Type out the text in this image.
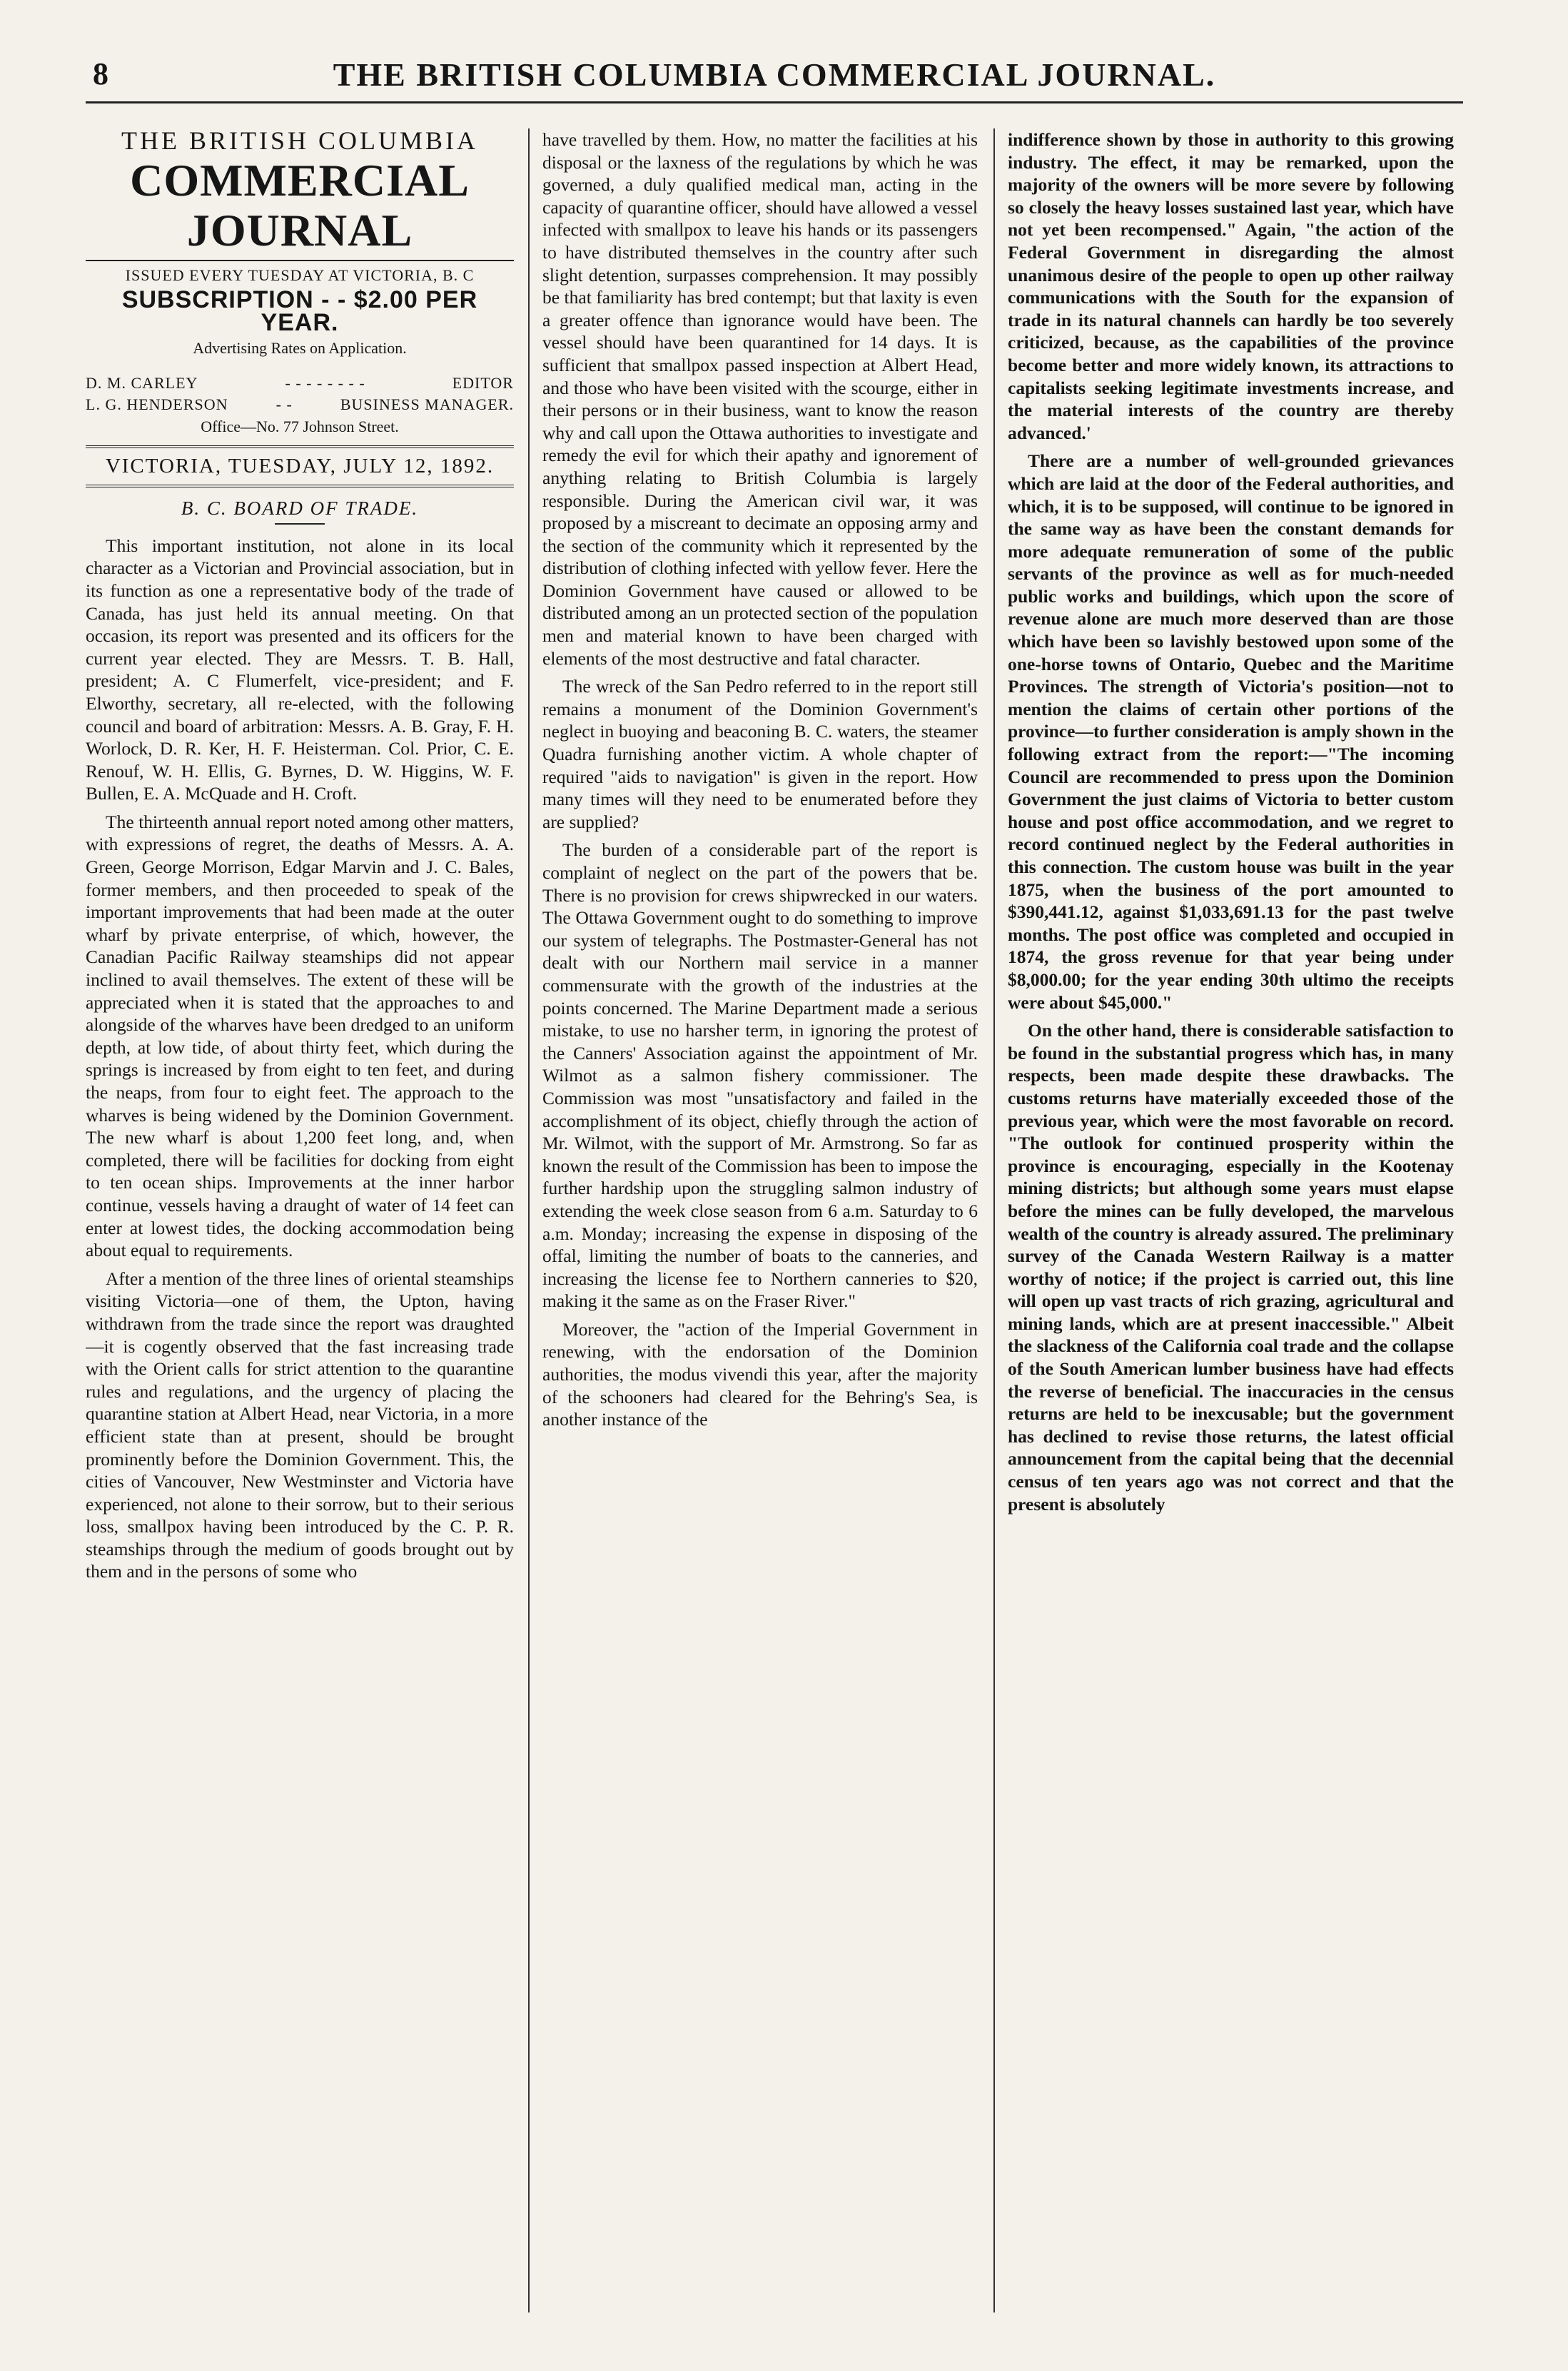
8	THE BRITISH COLUMBIA COMMERCIAL JOURNAL.
THE BRITISH COLUMBIA
COMMERCIAL JOURNAL
ISSUED EVERY TUESDAY AT VICTORIA, B. C
SUBSCRIPTION - - $2.00 PER YEAR.
Advertising Rates on Application.
D. M. CARLEY	- - - - - - - -	EDITOR
L. G. HENDERSON	- -	BUSINESS MANAGER.
Office—No. 77 Johnson Street.
VICTORIA, TUESDAY, JULY 12, 1892.
B. C. BOARD OF TRADE.

This important institution, not alone in its local character as a Victorian and Provincial association, but in its function as one a representative body of the trade of Canada, has just held its annual meeting. On that occasion, its report was presented and its officers for the current year elected. They are Messrs. T. B. Hall, president; A. C Flumerfelt, vice-president; and F. Elworthy, secretary, all re-elected, with the following council and board of arbitration: Messrs. A. B. Gray, F. H. Worlock, D. R. Ker, H. F. Heisterman. Col. Prior, C. E. Renouf, W. H. Ellis, G. Byrnes, D. W. Higgins, W. F. Bullen, E. A. McQuade and H. Croft.

The thirteenth annual report noted among other matters, with expressions of regret, the deaths of Messrs. A. A. Green, George Morrison, Edgar Marvin and J. C. Bales, former members, and then proceeded to speak of the important improvements that had been made at the outer wharf by private enterprise, of which, however, the Canadian Pacific Railway steamships did not appear inclined to avail themselves. The extent of these will be appreciated when it is stated that the approaches to and alongside of the wharves have been dredged to an uniform depth, at low tide, of about thirty feet, which during the springs is increased by from eight to ten feet, and during the neaps, from four to eight feet. The approach to the wharves is being widened by the Dominion Government. The new wharf is about 1,200 feet long, and, when completed, there will be facilities for docking from eight to ten ocean ships. Improvements at the inner harbor continue, vessels having a draught of water of 14 feet can enter at lowest tides, the docking accommodation being about equal to requirements.

After a mention of the three lines of oriental steamships visiting Victoria—one of them, the Upton, having withdrawn from the trade since the report was draughted—it is cogently observed that the fast increasing trade with the Orient calls for strict attention to the quarantine rules and regulations, and the urgency of placing the quarantine station at Albert Head, near Victoria, in a more efficient state than at present, should be brought prominently before the Dominion Government. This, the cities of Vancouver, New Westminster and Victoria have experienced, not alone to their sorrow, but to their serious loss, smallpox having been introduced by the C. P. R. steamships through the medium of goods brought out by them and in the persons of some who

have travelled by them. How, no matter the facilities at his disposal or the laxness of the regulations by which he was governed, a duly qualified medical man, acting in the capacity of quarantine officer, should have allowed a vessel infected with smallpox to leave his hands or its passengers to have distributed themselves in the country after such slight detention, surpasses comprehension. It may possibly be that familiarity has bred contempt; but that laxity is even a greater offence than ignorance would have been. The vessel should have been quarantined for 14 days. It is sufficient that smallpox passed inspection at Albert Head, and those who have been visited with the scourge, either in their persons or in their business, want to know the reason why and call upon the Ottawa authorities to investigate and remedy the evil for which their apathy and ignorement of anything relating to British Columbia is largely responsible. During the American civil war, it was proposed by a miscreant to decimate an opposing army and the section of the community which it represented by the distribution of clothing infected with yellow fever. Here the Dominion Government have caused or allowed to be distributed among an un protected section of the population men and material known to have been charged with elements of the most destructive and fatal character.

The wreck of the San Pedro referred to in the report still remains a monument of the Dominion Government's neglect in buoying and beaconing B. C. waters, the steamer Quadra furnishing another victim. A whole chapter of required "aids to navigation" is given in the report. How many times will they need to be enumerated before they are supplied?

The burden of a considerable part of the report is complaint of neglect on the part of the powers that be. There is no provision for crews shipwrecked in our waters. The Ottawa Government ought to do something to improve our system of telegraphs. The Postmaster-General has not dealt with our Northern mail service in a manner commensurate with the growth of the industries at the points concerned. The Marine Department made a serious mistake, to use no harsher term, in ignoring the protest of the Canners' Association against the appointment of Mr. Wilmot as a salmon fishery commissioner. The Commission was most "unsatisfactory and failed in the accomplishment of its object, chiefly through the action of Mr. Wilmot, with the support of Mr. Armstrong. So far as known the result of the Commission has been to impose the further hardship upon the struggling salmon industry of extending the week close season from 6 a.m. Saturday to 6 a.m. Monday; increasing the expense in disposing of the offal, limiting the number of boats to the canneries, and increasing the license fee to Northern canneries to $20, making it the same as on the Fraser River."

Moreover, the "action of the Imperial Government in renewing, with the endorsation of the Dominion authorities, the modus vivendi this year, after the majority of the schooners had cleared for the Behring's Sea, is another instance of the

indifference shown by those in authority to this growing industry. The effect, it may be remarked, upon the majority of the owners will be more severe by following so closely the heavy losses sustained last year, which have not yet been recompensed." Again, "the action of the Federal Government in disregarding the almost unanimous desire of the people to open up other railway communications with the South for the expansion of trade in its natural channels can hardly be too severely criticized, because, as the capabilities of the province become better and more widely known, its attractions to capitalists seeking legitimate investments increase, and the material interests of the country are thereby advanced.'

There are a number of well-grounded grievances which are laid at the door of the Federal authorities, and which, it is to be supposed, will continue to be ignored in the same way as have been the constant demands for more adequate remuneration of some of the public servants of the province as well as for much-needed public works and buildings, which upon the score of revenue alone are much more deserved than are those which have been so lavishly bestowed upon some of the one-horse towns of Ontario, Quebec and the Maritime Provinces. The strength of Victoria's position—not to mention the claims of certain other portions of the province—to further consideration is amply shown in the following extract from the report:—"The incoming Council are recommended to press upon the Dominion Government the just claims of Victoria to better custom house and post office accommodation, and we regret to record continued neglect by the Federal authorities in this connection. The custom house was built in the year 1875, when the business of the port amounted to $390,441.12, against $1,033,691.13 for the past twelve months. The post office was completed and occupied in 1874, the gross revenue for that year being under $8,000.00; for the year ending 30th ultimo the receipts were about $45,000."

On the other hand, there is considerable satisfaction to be found in the substantial progress which has, in many respects, been made despite these drawbacks. The customs returns have materially exceeded those of the previous year, which were the most favorable on record. "The outlook for continued prosperity within the province is encouraging, especially in the Kootenay mining districts; but although some years must elapse before the mines can be fully developed, the marvelous wealth of the country is already assured. The preliminary survey of the Canada Western Railway is a matter worthy of notice; if the project is carried out, this line will open up vast tracts of rich grazing, agricultural and mining lands, which are at present inaccessible." Albeit the slackness of the California coal trade and the collapse of the South American lumber business have had effects the reverse of beneficial. The inaccuracies in the census returns are held to be inexcusable; but the government has declined to revise those returns, the latest official announcement from the capital being that the decennial census of ten years ago was not correct and that the present is absolutely
